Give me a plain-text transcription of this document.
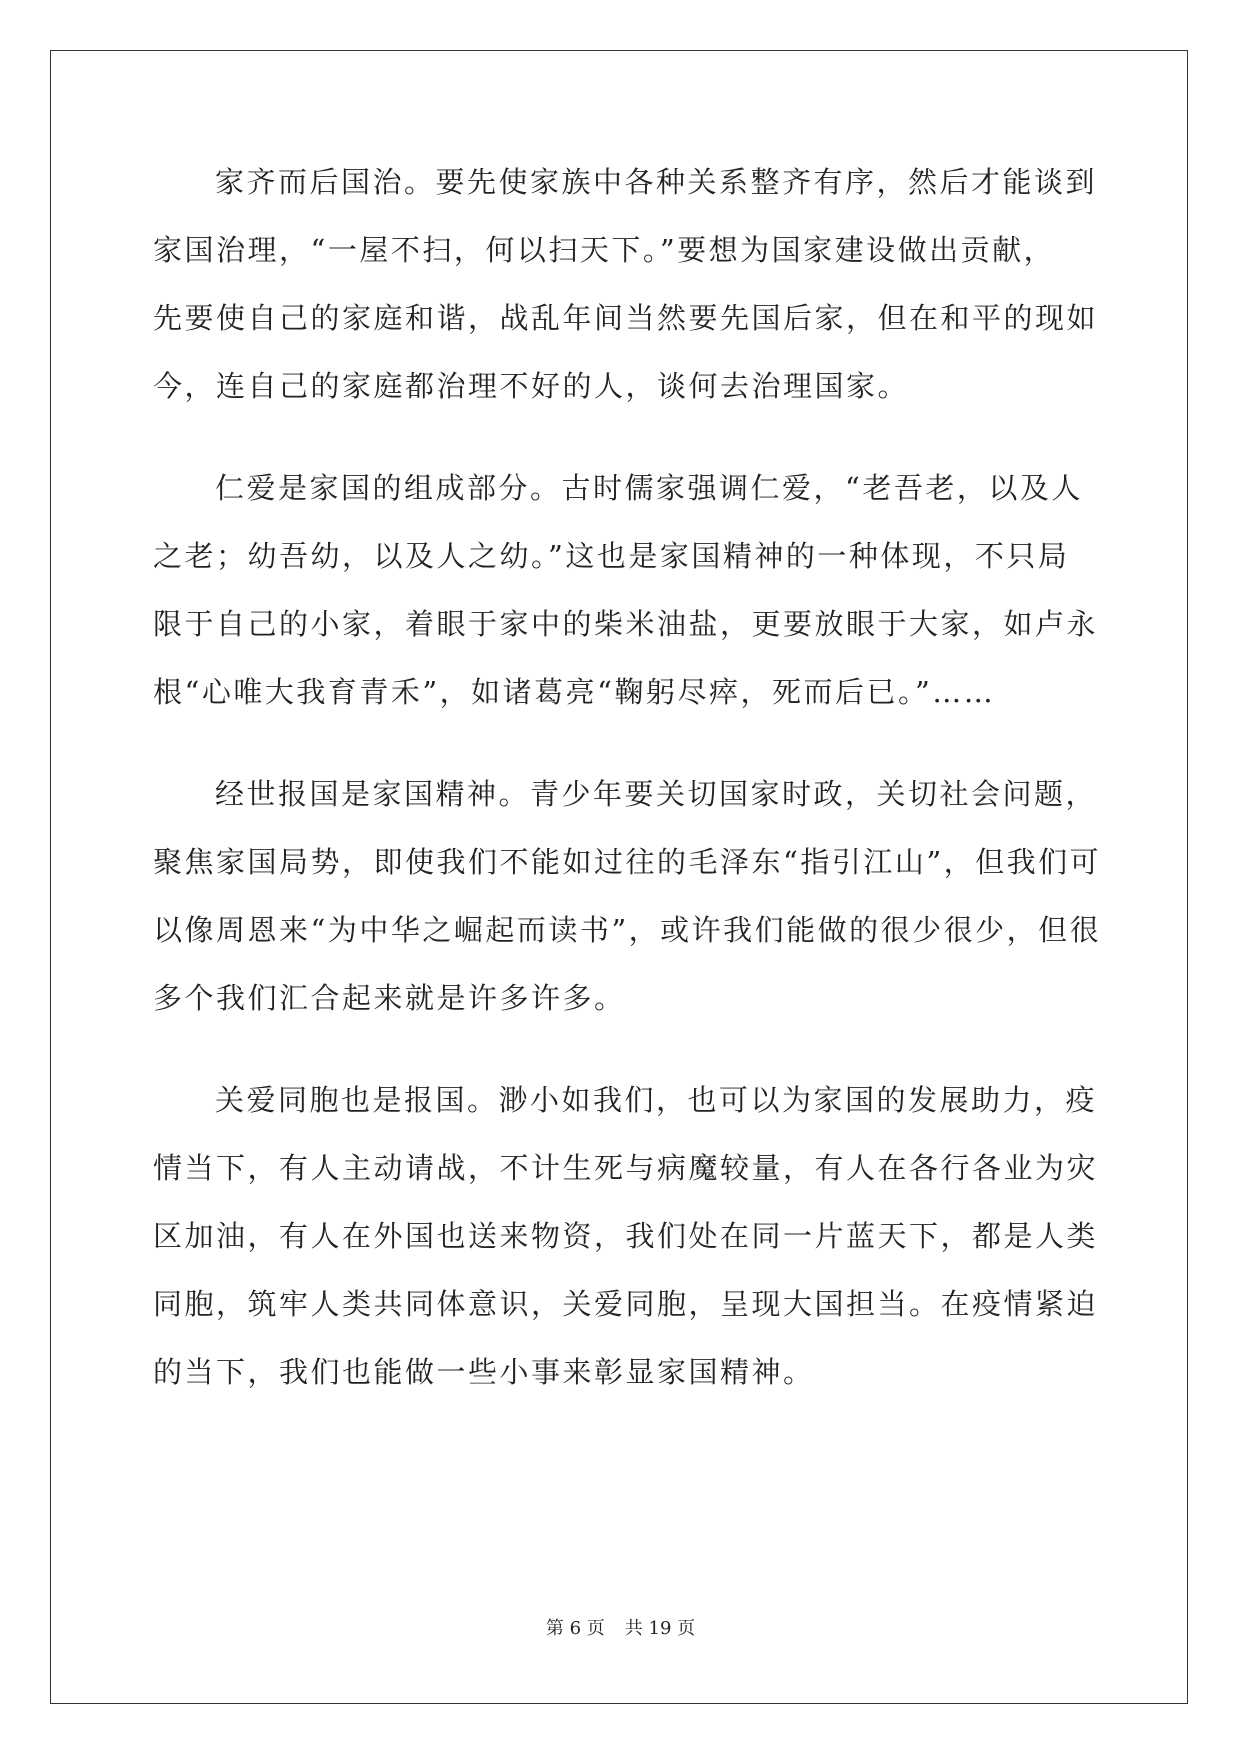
家齐而后国治。要先使家族中各种关系整齐有序，然后才能谈到
家国治理，“一屋不扫，何以扫天下。”要想为国家建设做出贡献，
先要使自己的家庭和谐，战乱年间当然要先国后家，但在和平的现如
今，连自己的家庭都治理不好的人，谈何去治理国家。
仁爱是家国的组成部分。古时儒家强调仁爱，“老吾老，以及人
之老；幼吾幼，以及人之幼。”这也是家国精神的一种体现，不只局
限于自己的小家，着眼于家中的柴米油盐，更要放眼于大家，如卢永
根“心唯大我育青禾”，如诸葛亮“鞠躬尽瘁，死而后已。”……
经世报国是家国精神。青少年要关切国家时政，关切社会问题，
聚焦家国局势，即使我们不能如过往的毛泽东“指引江山”，但我们可
以像周恩来“为中华之崛起而读书”，或许我们能做的很少很少，但很
多个我们汇合起来就是许多许多。
关爱同胞也是报国。渺小如我们，也可以为家国的发展助力，疫
情当下，有人主动请战，不计生死与病魔较量，有人在各行各业为灾
区加油，有人在外国也送来物资，我们处在同一片蓝天下，都是人类
同胞，筑牢人类共同体意识，关爱同胞，呈现大国担当。在疫情紧迫
的当下，我们也能做一些小事来彰显家国精神。
第 6 页 共 19 页
